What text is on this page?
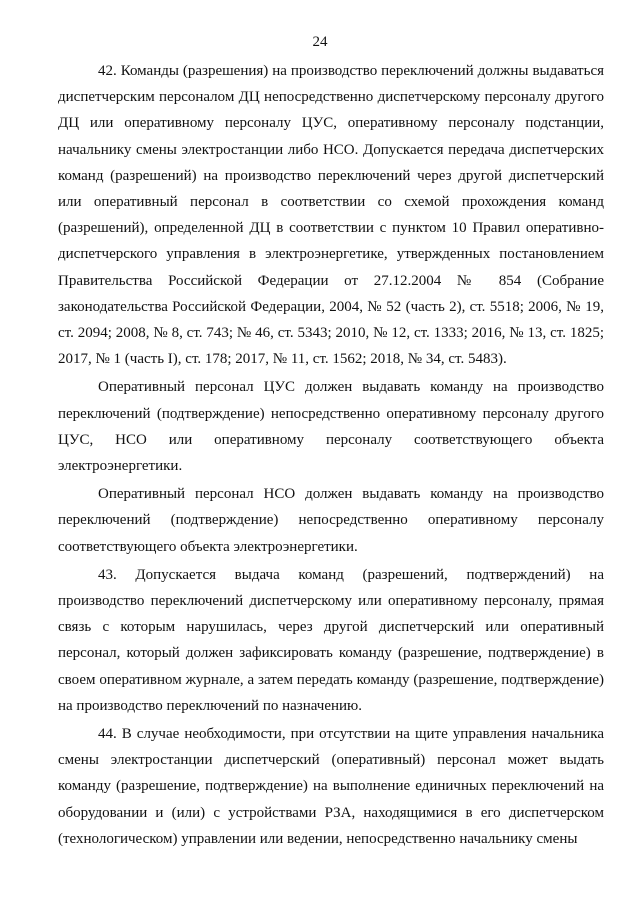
24

42. Команды (разрешения) на производство переключений должны выдаваться диспетчерским персоналом ДЦ непосредственно диспетчерскому персоналу другого ДЦ или оперативному персоналу ЦУС, оперативному персоналу подстанции, начальнику смены электростанции либо НСО. Допускается передача диспетчерских команд (разрешений) на производство переключений через другой диспетчерский или оперативный персонал в соответствии со схемой прохождения команд (разрешений), определенной ДЦ в соответствии с пунктом 10 Правил оперативно-диспетчерского управления в электроэнергетике, утвержденных постановлением Правительства Российской Федерации от 27.12.2004 № 854 (Собрание законодательства Российской Федерации, 2004, № 52 (часть 2), ст. 5518; 2006, № 19, ст. 2094; 2008, № 8, ст. 743; № 46, ст. 5343; 2010, № 12, ст. 1333; 2016, № 13, ст. 1825; 2017, № 1 (часть I), ст. 178; 2017, № 11, ст. 1562; 2018, № 34, ст. 5483).

Оперативный персонал ЦУС должен выдавать команду на производство переключений (подтверждение) непосредственно оперативному персоналу другого ЦУС, НСО или оперативному персоналу соответствующего объекта электроэнергетики.

Оперативный персонал НСО должен выдавать команду на производство переключений (подтверждение) непосредственно оперативному персоналу соответствующего объекта электроэнергетики.

43. Допускается выдача команд (разрешений, подтверждений) на производство переключений диспетчерскому или оперативному персоналу, прямая связь с которым нарушилась, через другой диспетчерский или оперативный персонал, который должен зафиксировать команду (разрешение, подтверждение) в своем оперативном журнале, а затем передать команду (разрешение, подтверждение) на производство переключений по назначению.

44. В случае необходимости, при отсутствии на щите управления начальника смены электростанции диспетчерский (оперативный) персонал может выдать команду (разрешение, подтверждение) на выполнение единичных переключений на оборудовании и (или) с устройствами РЗА, находящимися в его диспетчерском (технологическом) управлении или ведении, непосредственно начальнику смены
